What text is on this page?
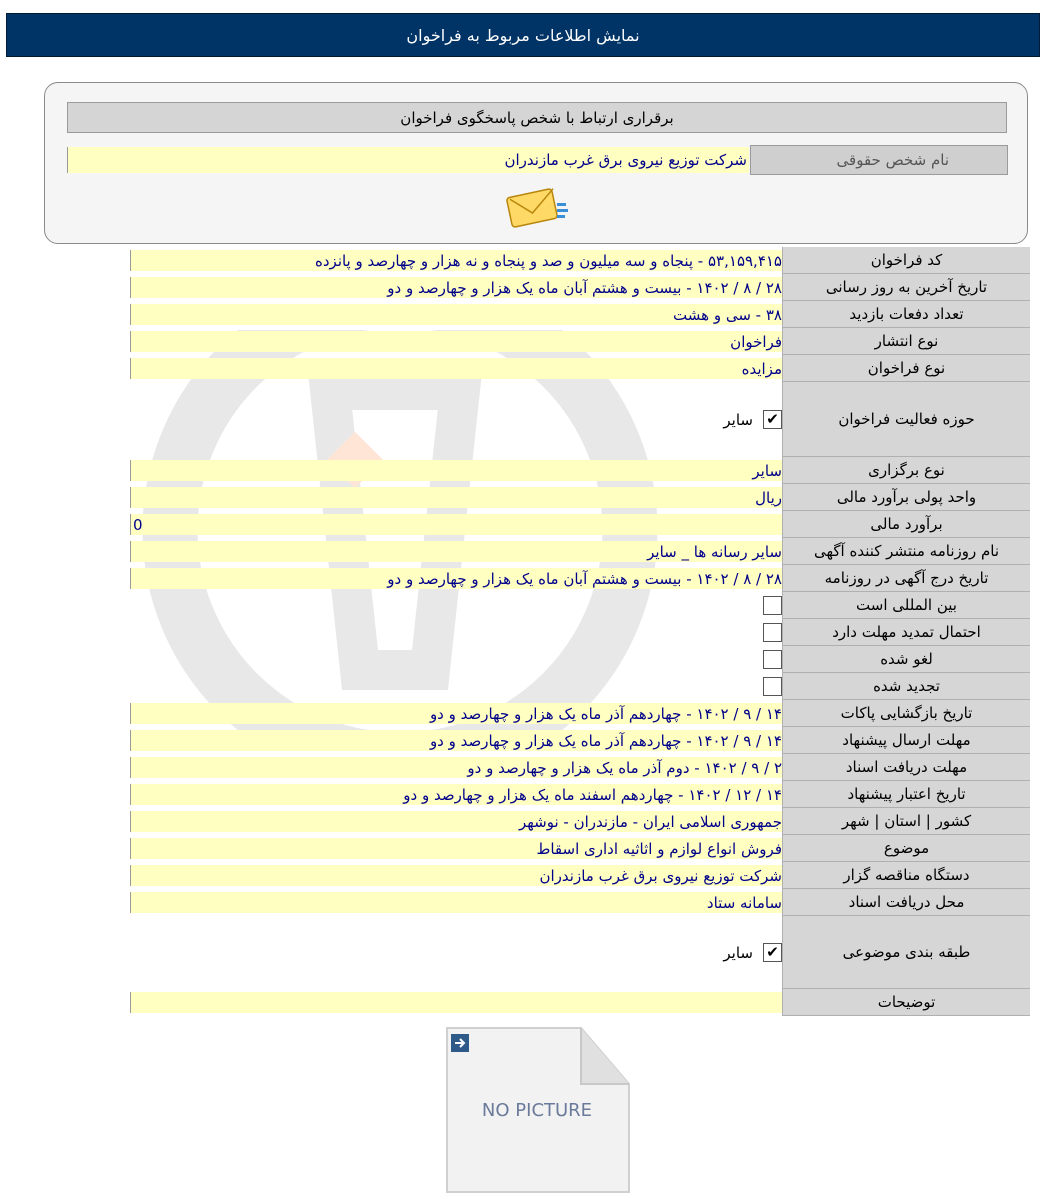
نمایش اطلاعات مربوط به فراخوان
برقراری ارتباط با شخص پاسخگوی فراخوان
نام شخص حقوقی
شرکت توزیع نیروی برق غرب مازندران
کد فراخوان
۵۳,۱۵۹,۴۱۵ - پنجاه و سه میلیون و صد و پنجاه و نه هزار و چهارصد و پانزده
تاریخ آخرین به روز رسانی
۲۸ / ۸ / ۱۴۰۲ - بیست و هشتم آبان ماه یک هزار و چهارصد و دو
تعداد دفعات بازدید
۳۸ - سی و هشت
نوع انتشار
فراخوان
نوع فراخوان
مزایده
حوزه فعالیت فراخوان
✔
سایر
نوع برگزاری
سایر
واحد پولی برآورد مالی
ریال
برآورد مالی
0
نام روزنامه منتشر کننده آگهی
سایر رسانه ها _ سایر
تاریخ درج آگهی در روزنامه
۲۸ / ۸ / ۱۴۰۲ - بیست و هشتم آبان ماه یک هزار و چهارصد و دو
بین المللی است
احتمال تمدید مهلت دارد
لغو شده
تجدید شده
تاریخ بازگشایی پاکات
۱۴ / ۹ / ۱۴۰۲ - چهاردهم آذر ماه یک هزار و چهارصد و دو
مهلت ارسال پیشنهاد
۱۴ / ۹ / ۱۴۰۲ - چهاردهم آذر ماه یک هزار و چهارصد و دو
مهلت دریافت اسناد
۲ / ۹ / ۱۴۰۲ - دوم آذر ماه یک هزار و چهارصد و دو
تاریخ اعتبار پیشنهاد
۱۴ / ۱۲ / ۱۴۰۲ - چهاردهم اسفند ماه یک هزار و چهارصد و دو
کشور | استان | شهر
جمهوری اسلامی ایران - مازندران - نوشهر
موضوع
فروش انواع لوازم و اثاثیه اداری اسقاط
دستگاه مناقصه گزار
شرکت توزیع نیروی برق غرب مازندران
محل دریافت اسناد
سامانه ستاد
طبقه بندی موضوعی
✔
سایر
توضیحات
NO PICTURE
